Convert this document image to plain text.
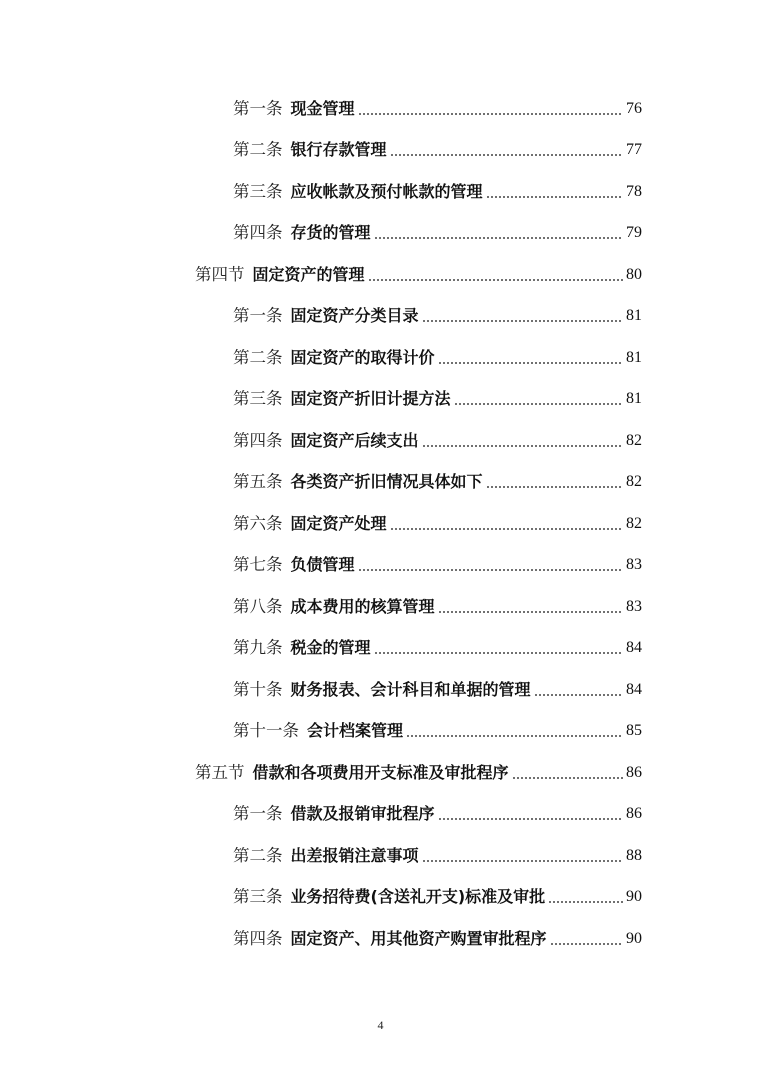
第一条 现金管理	76
第二条 银行存款管理	77
第三条 应收帐款及预付帐款的管理	78
第四条 存货的管理	79
第四节 固定资产的管理	80
第一条 固定资产分类目录	81
第二条 固定资产的取得计价	81
第三条 固定资产折旧计提方法	81
第四条 固定资产后续支出	82
第五条 各类资产折旧情况具体如下	82
第六条 固定资产处理	82
第七条 负债管理	83
第八条 成本费用的核算管理	83
第九条 税金的管理	84
第十条 财务报表、会计科目和单据的管理	84
第十一条 会计档案管理	85
第五节 借款和各项费用开支标准及审批程序	86
第一条 借款及报销审批程序	86
第二条 出差报销注意事项	88
第三条 业务招待费(含送礼开支)标准及审批	90
第四条 固定资产、用其他资产购置审批程序	90
4
